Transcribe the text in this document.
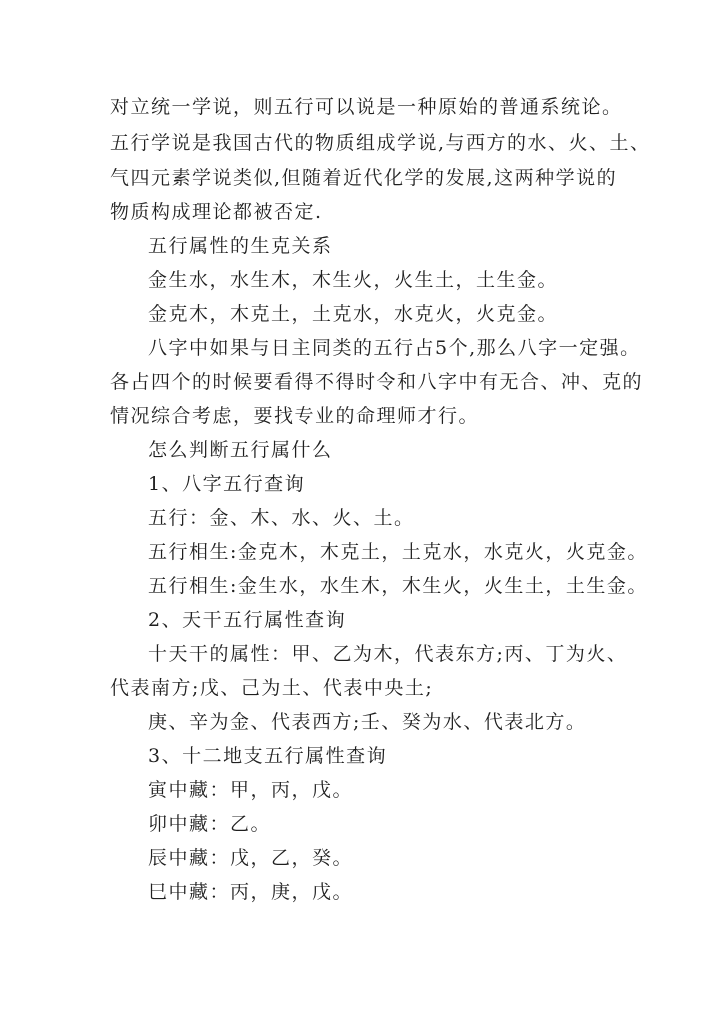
对立统一学说，则五行可以说是一种原始的普通系统论。
五行学说是我国古代的物质组成学说,与西方的水、火、土、
气四元素学说类似,但随着近代化学的发展,这两种学说的
物质构成理论都被否定.
五行属性的生克关系
金生水，水生木，木生火，火生土，土生金。
金克木，木克土，土克水，水克火，火克金。
八字中如果与日主同类的五行占5个,那么八字一定强。
各占四个的时候要看得不得时令和八字中有无合、冲、克的
情况综合考虑，要找专业的命理师才行。
怎么判断五行属什么
1、八字五行查询
五行：金、木、水、火、土。
五行相生:金克木，木克土，土克水，水克火，火克金。
五行相生:金生水，水生木，木生火，火生土，土生金。
2、天干五行属性查询
十天干的属性：甲、乙为木，代表东方;丙、丁为火、
代表南方;戊、己为土、代表中央土;
庚、辛为金、代表西方;壬、癸为水、代表北方。
3、十二地支五行属性查询
寅中藏：甲，丙，戊。
卯中藏：乙。
辰中藏：戊，乙，癸。
巳中藏：丙，庚，戊。
